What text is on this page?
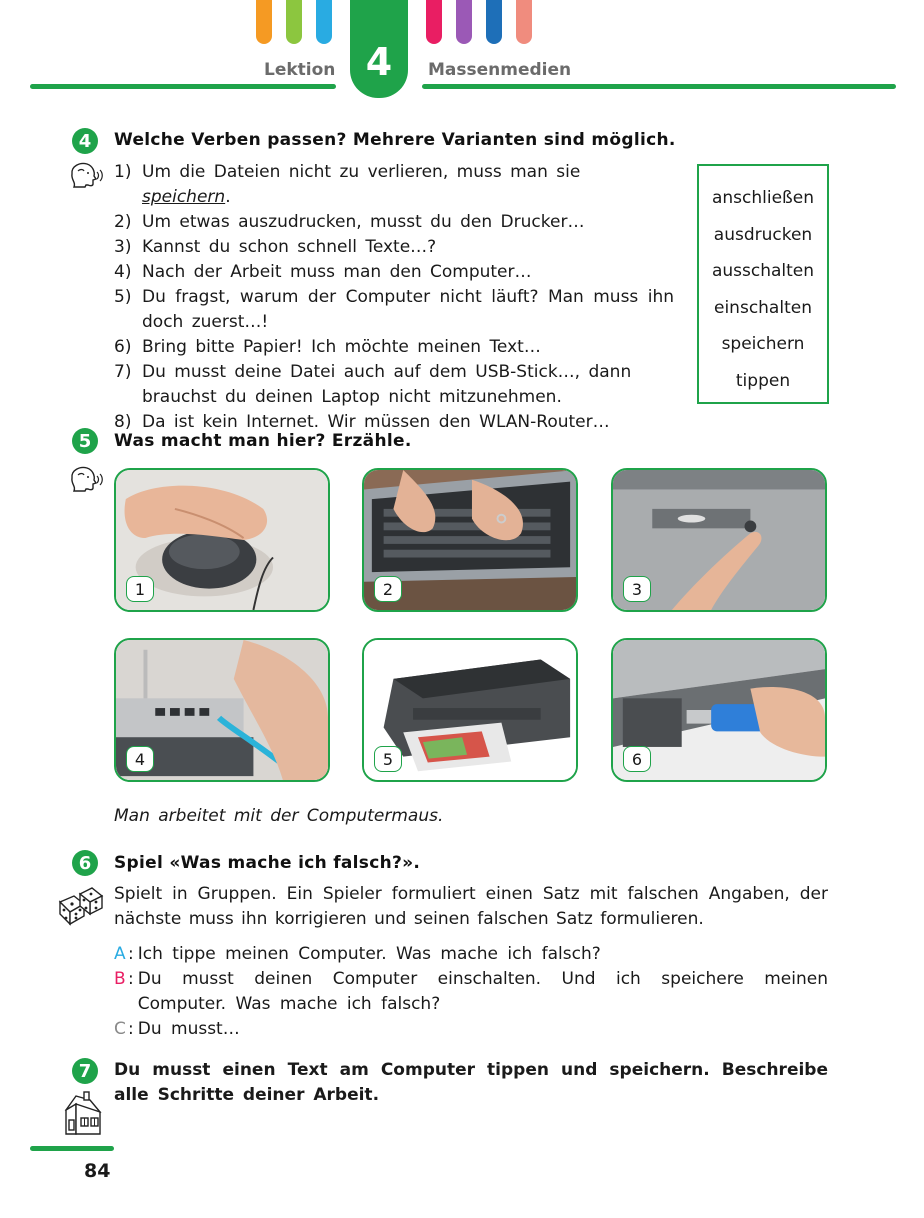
Lektion 4	Massenmedien
4	Welche Verben passen? Mehrere Varianten sind möglich.
1) Um die Dateien nicht zu verlieren, muss man sie speichern.
2) Um etwas auszudrucken, musst du den Drucker…
3) Kannst du schon schnell Texte…?
4) Nach der Arbeit muss man den Computer…
5) Du fragst, warum der Computer nicht läuft? Man muss ihn doch zuerst…!
6) Bring bitte Papier! Ich möchte meinen Text…
7) Du musst deine Datei auch auf dem USB-Stick…, dann brauchst du deinen Laptop nicht mitzunehmen.
8) Da ist kein Internet. Wir müssen den WLAN-Router…
anschließen
ausdrucken
ausschalten
einschalten
speichern
tippen
5	Was macht man hier? Erzähle.
1	2	3
4	5	6
Man arbeitet mit der Computermaus.
6	Spiel «Was mache ich falsch?».
Spielt in Gruppen. Ein Spieler formuliert einen Satz mit falschen Angaben, der nächste muss ihn korrigieren und seinen falschen Satz formulieren.
A : Ich tippe meinen Computer. Was mache ich falsch?
B : Du musst deinen Computer einschalten. Und ich speichere meinen Computer. Was mache ich falsch?
C : Du musst…
7	Du musst einen Text am Computer tippen und speichern. Beschreibe alle Schritte deiner Arbeit.
84
